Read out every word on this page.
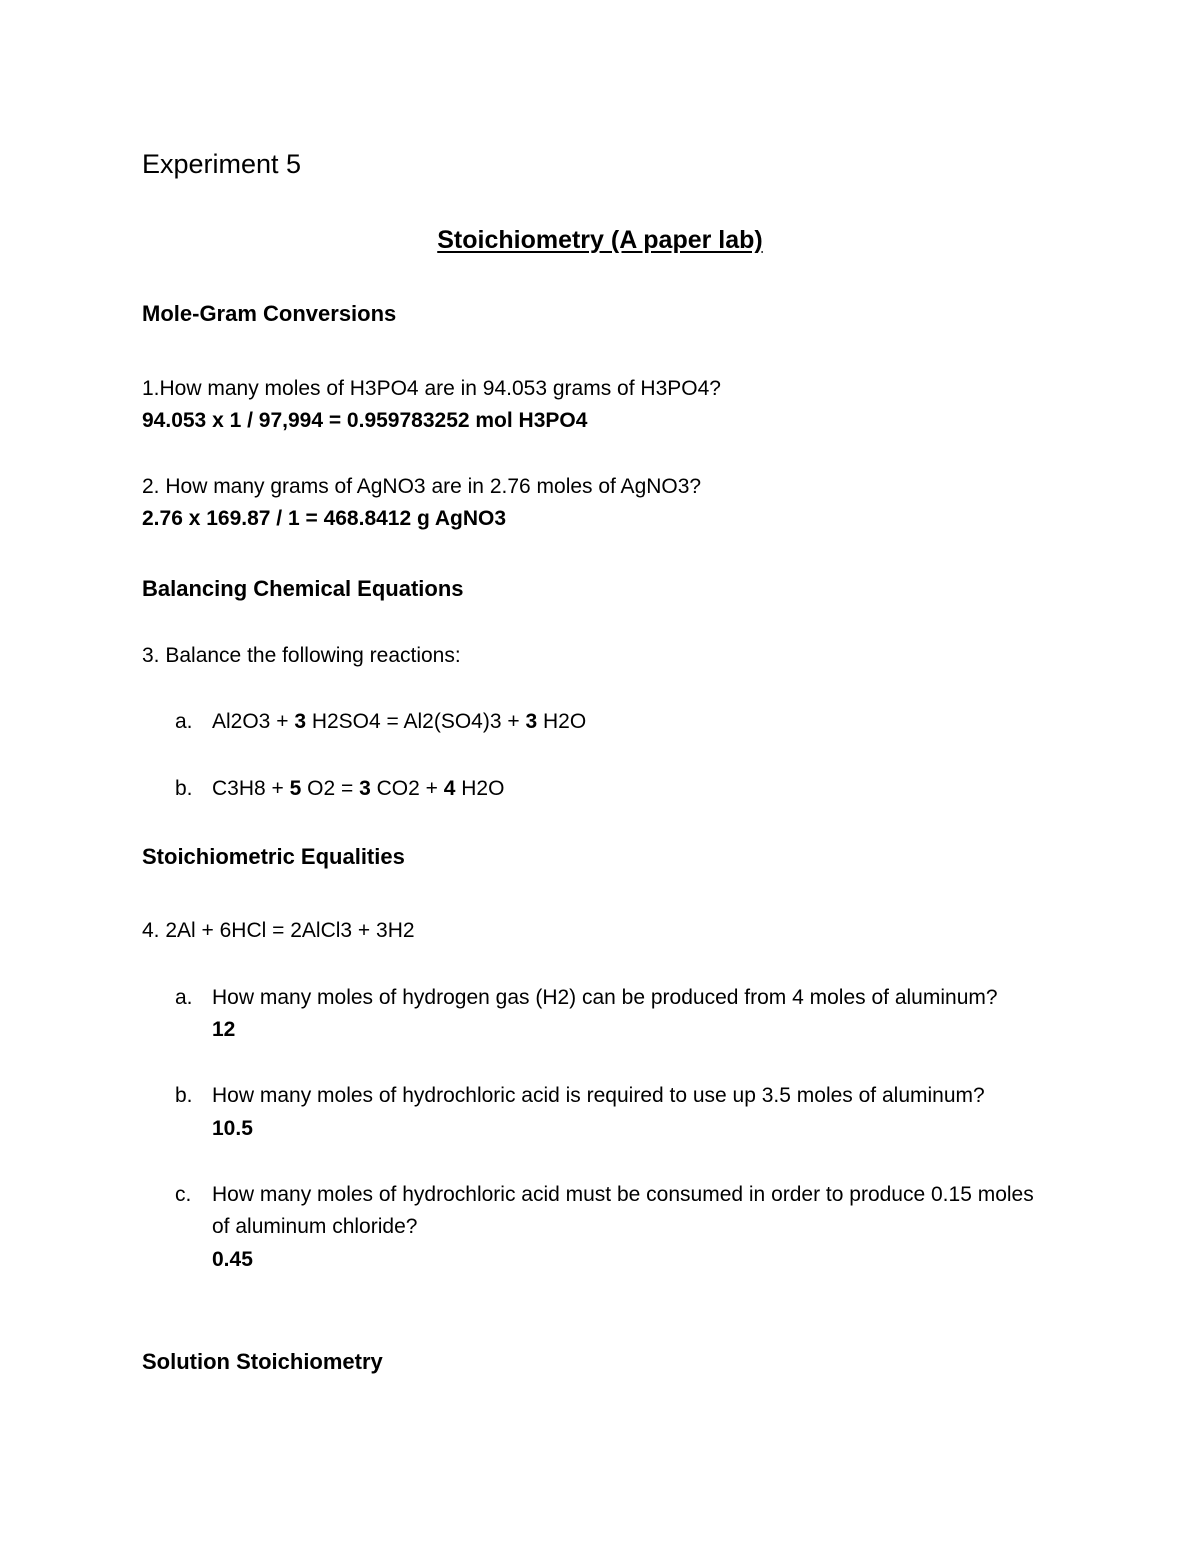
Experiment 5
Stoichiometry (A paper lab)
Mole-Gram Conversions
1.How many moles of H3PO4 are in 94.053 grams of H3PO4?
94.053 x 1 / 97,994 = 0.959783252 mol H3PO4
2. How many grams of AgNO3 are in 2.76 moles of AgNO3?
2.76 x 169.87 / 1 = 468.8412 g AgNO3
Balancing Chemical Equations
3. Balance the following reactions:
a. Al2O3 + 3 H2SO4 = Al2(SO4)3 + 3 H2O
b. C3H8 + 5 O2 = 3 CO2 + 4 H2O
Stoichiometric Equalities
4. 2Al + 6HCl = 2AlCl3 + 3H2
a. How many moles of hydrogen gas (H2) can be produced from 4 moles of aluminum?
12
b. How many moles of hydrochloric acid is required to use up 3.5 moles of aluminum?
10.5
c. How many moles of hydrochloric acid must be consumed in order to produce 0.15 moles
of aluminum chloride?
0.45
Solution Stoichiometry
